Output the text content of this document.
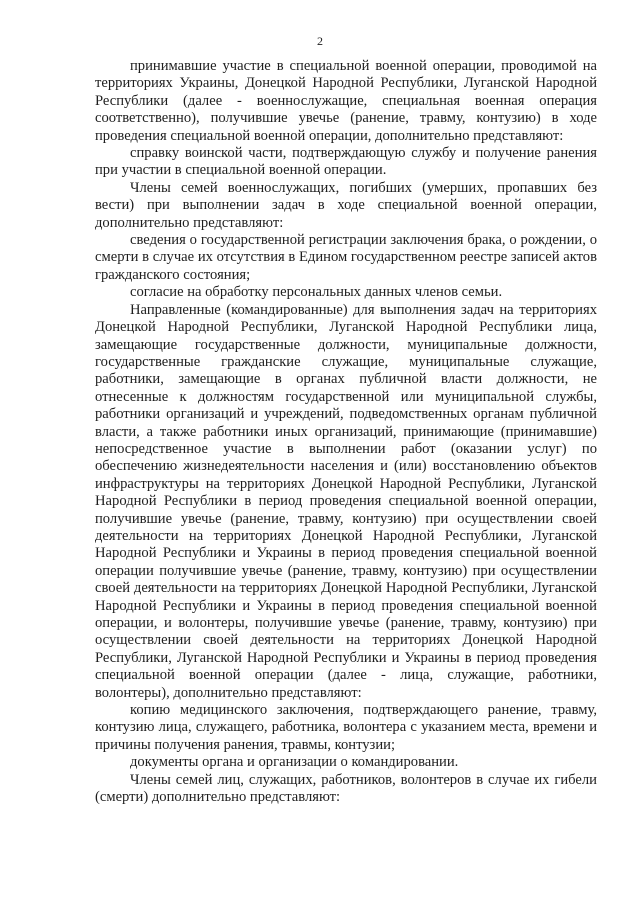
2

принимавшие участие в специальной военной операции, проводимой на территориях Украины, Донецкой Народной Республики, Луганской Народной Республики (далее - военнослужащие, специальная военная операция соответственно), получившие увечье (ранение, травму, контузию) в ходе проведения специальной военной операции, дополнительно представляют:

справку воинской части, подтверждающую службу и получение ранения при участии в специальной военной операции.

Члены семей военнослужащих, погибших (умерших, пропавших без вести) при выполнении задач в ходе специальной военной операции, дополнительно представляют:

сведения о государственной регистрации заключения брака, о рождении, о смерти в случае их отсутствия в Едином государственном реестре записей актов гражданского состояния;

согласие на обработку персональных данных членов семьи.

Направленные (командированные) для выполнения задач на территориях Донецкой Народной Республики, Луганской Народной Республики лица, замещающие государственные должности, муниципальные должности, государственные гражданские служащие, муниципальные служащие, работники, замещающие в органах публичной власти должности, не отнесенные к должностям государственной или муниципальной службы, работники организаций и учреждений, подведомственных органам публичной власти, а также работники иных организаций, принимающие (принимавшие) непосредственное участие в выполнении работ (оказании услуг) по обеспечению жизнедеятельности населения и (или) восстановлению объектов инфраструктуры на территориях Донецкой Народной Республики, Луганской Народной Республики в период проведения специальной военной операции, получившие увечье (ранение, травму, контузию) при осуществлении своей деятельности на территориях Донецкой Народной Республики, Луганской Народной Республики и Украины в период проведения специальной военной операции получившие увечье (ранение, травму, контузию) при осуществлении своей деятельности на территориях Донецкой Народной Республики, Луганской Народной Республики и Украины в период проведения специальной военной операции, и волонтеры, получившие увечье (ранение, травму, контузию) при осуществлении своей деятельности на территориях Донецкой Народной Республики, Луганской Народной Республики и Украины в период проведения специальной военной операции (далее - лица, служащие, работники, волонтеры), дополнительно представляют:

копию медицинского заключения, подтверждающего ранение, травму, контузию лица, служащего, работника, волонтера с указанием места, времени и причины получения ранения, травмы, контузии;

документы органа и организации о командировании.

Члены семей лиц, служащих, работников, волонтеров в случае их гибели (смерти) дополнительно представляют:
